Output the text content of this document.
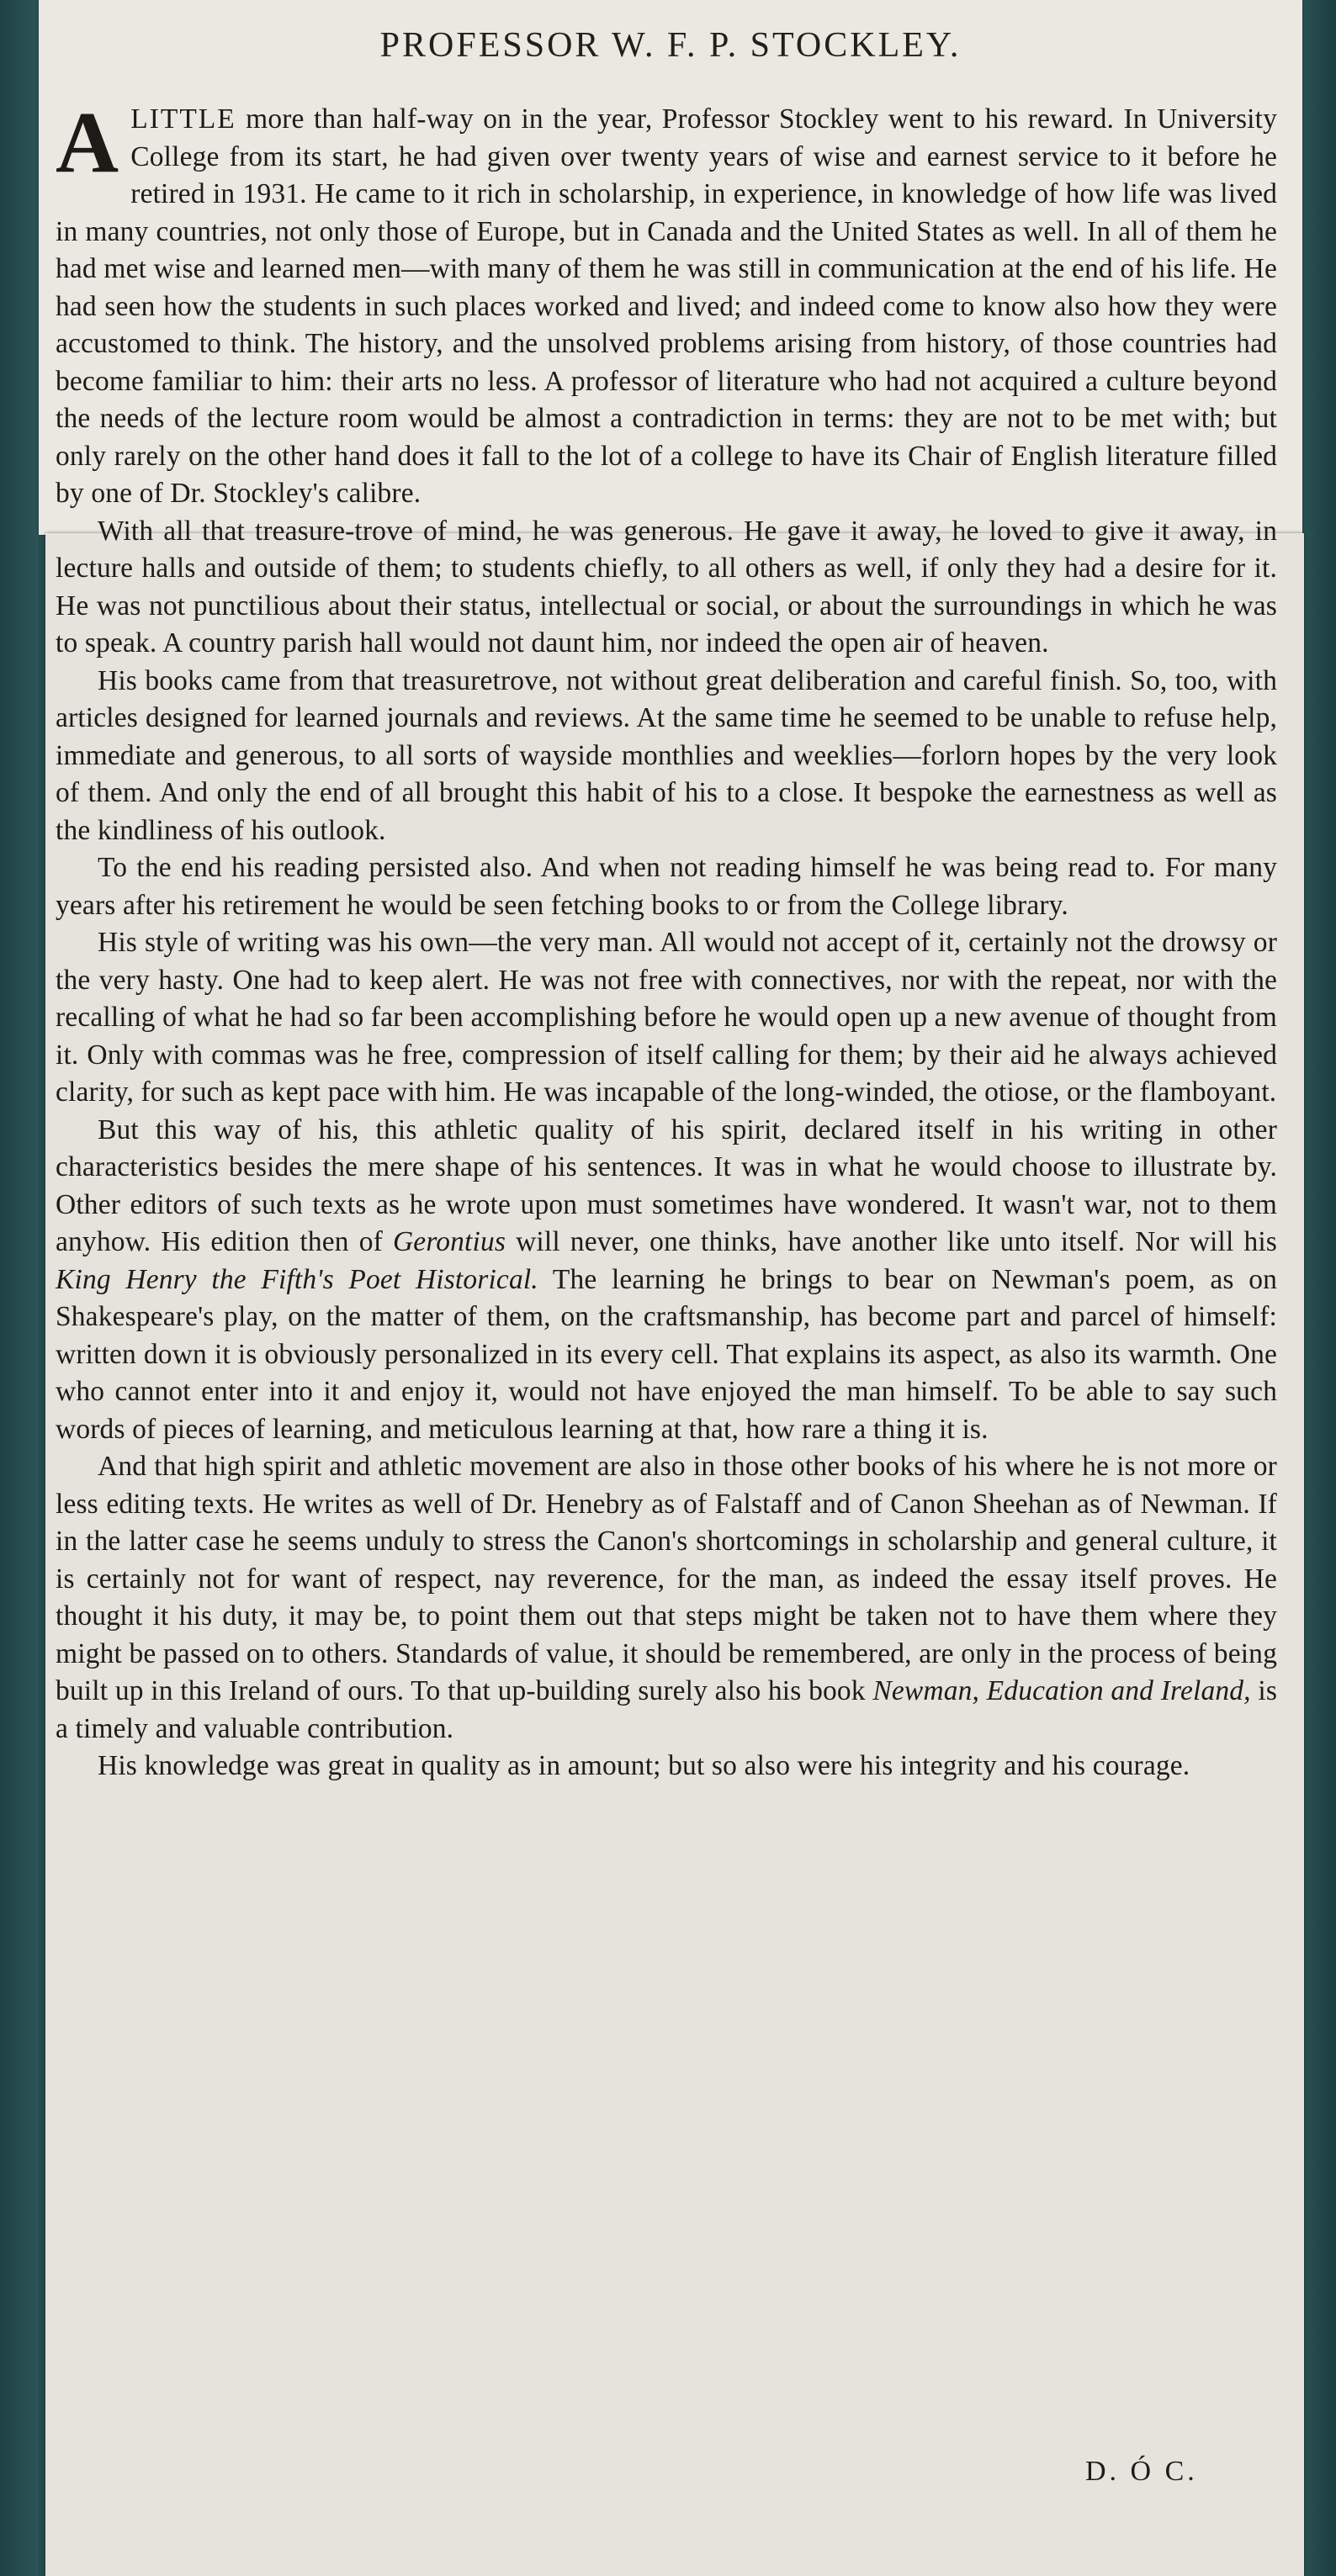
PROFESSOR W. F. P. STOCKLEY.

ALITTLE more than half-way on in the year, Professor Stockley went to his reward. In University College from its start, he had given over twenty years of wise and earnest service to it before he retired in 1931. He came to it rich in scholarship, in experience, in knowledge of how life was lived in many countries, not only those of Europe, but in Canada and the United States as well. In all of them he had met wise and learned men—with many of them he was still in communication at the end of his life. He had seen how the students in such places worked and lived; and indeed come to know also how they were accustomed to think. The history, and the unsolved problems arising from history, of those countries had become familiar to him: their arts no less. A professor of literature who had not acquired a culture beyond the needs of the lecture room would be almost a contradiction in terms: they are not to be met with; but only rarely on the other hand does it fall to the lot of a college to have its Chair of English literature filled by one of Dr. Stockley's calibre.

With all that treasure-trove of mind, he was generous. He gave it away, he loved to give it away, in lecture halls and outside of them; to students chiefly, to all others as well, if only they had a desire for it. He was not punctilious about their status, intellectual or social, or about the surroundings in which he was to speak. A country parish hall would not daunt him, nor indeed the open air of heaven.

His books came from that treasuretrove, not without great deliberation and careful finish. So, too, with articles designed for learned journals and reviews. At the same time he seemed to be unable to refuse help, immediate and generous, to all sorts of wayside monthlies and weeklies—forlorn hopes by the very look of them. And only the end of all brought this habit of his to a close. It bespoke the earnestness as well as the kindliness of his outlook.

To the end his reading persisted also. And when not reading himself he was being read to. For many years after his retirement he would be seen fetching books to or from the College library.

His style of writing was his own—the very man. All would not accept of it, certainly not the drowsy or the very hasty. One had to keep alert. He was not free with connectives, nor with the repeat, nor with the recalling of what he had so far been accomplishing before he would open up a new avenue of thought from it. Only with commas was he free, compression of itself calling for them; by their aid he always achieved clarity, for such as kept pace with him. He was incapable of the long-winded, the otiose, or the flamboyant.

But this way of his, this athletic quality of his spirit, declared itself in his writing in other characteristics besides the mere shape of his sentences. It was in what he would choose to illustrate by. Other editors of such texts as he wrote upon must sometimes have wondered. It wasn't war, not to them anyhow. His edition then of Gerontius will never, one thinks, have another like unto itself. Nor will his King Henry the Fifth's Poet Historical. The learning he brings to bear on Newman's poem, as on Shakespeare's play, on the matter of them, on the craftsmanship, has become part and parcel of himself: written down it is obviously personalized in its every cell. That explains its aspect, as also its warmth. One who cannot enter into it and enjoy it, would not have enjoyed the man himself. To be able to say such words of pieces of learning, and meticulous learning at that, how rare a thing it is.

And that high spirit and athletic movement are also in those other books of his where he is not more or less editing texts. He writes as well of Dr. Henebry as of Falstaff and of Canon Sheehan as of Newman. If in the latter case he seems unduly to stress the Canon's shortcomings in scholarship and general culture, it is certainly not for want of respect, nay reverence, for the man, as indeed the essay itself proves. He thought it his duty, it may be, to point them out that steps might be taken not to have them where they might be passed on to others. Standards of value, it should be remembered, are only in the process of being built up in this Ireland of ours. To that up-building surely also his book Newman, Education and Ireland, is a timely and valuable contribution.

His knowledge was great in quality as in amount; but so also were his integrity and his courage.

D. Ó C.
